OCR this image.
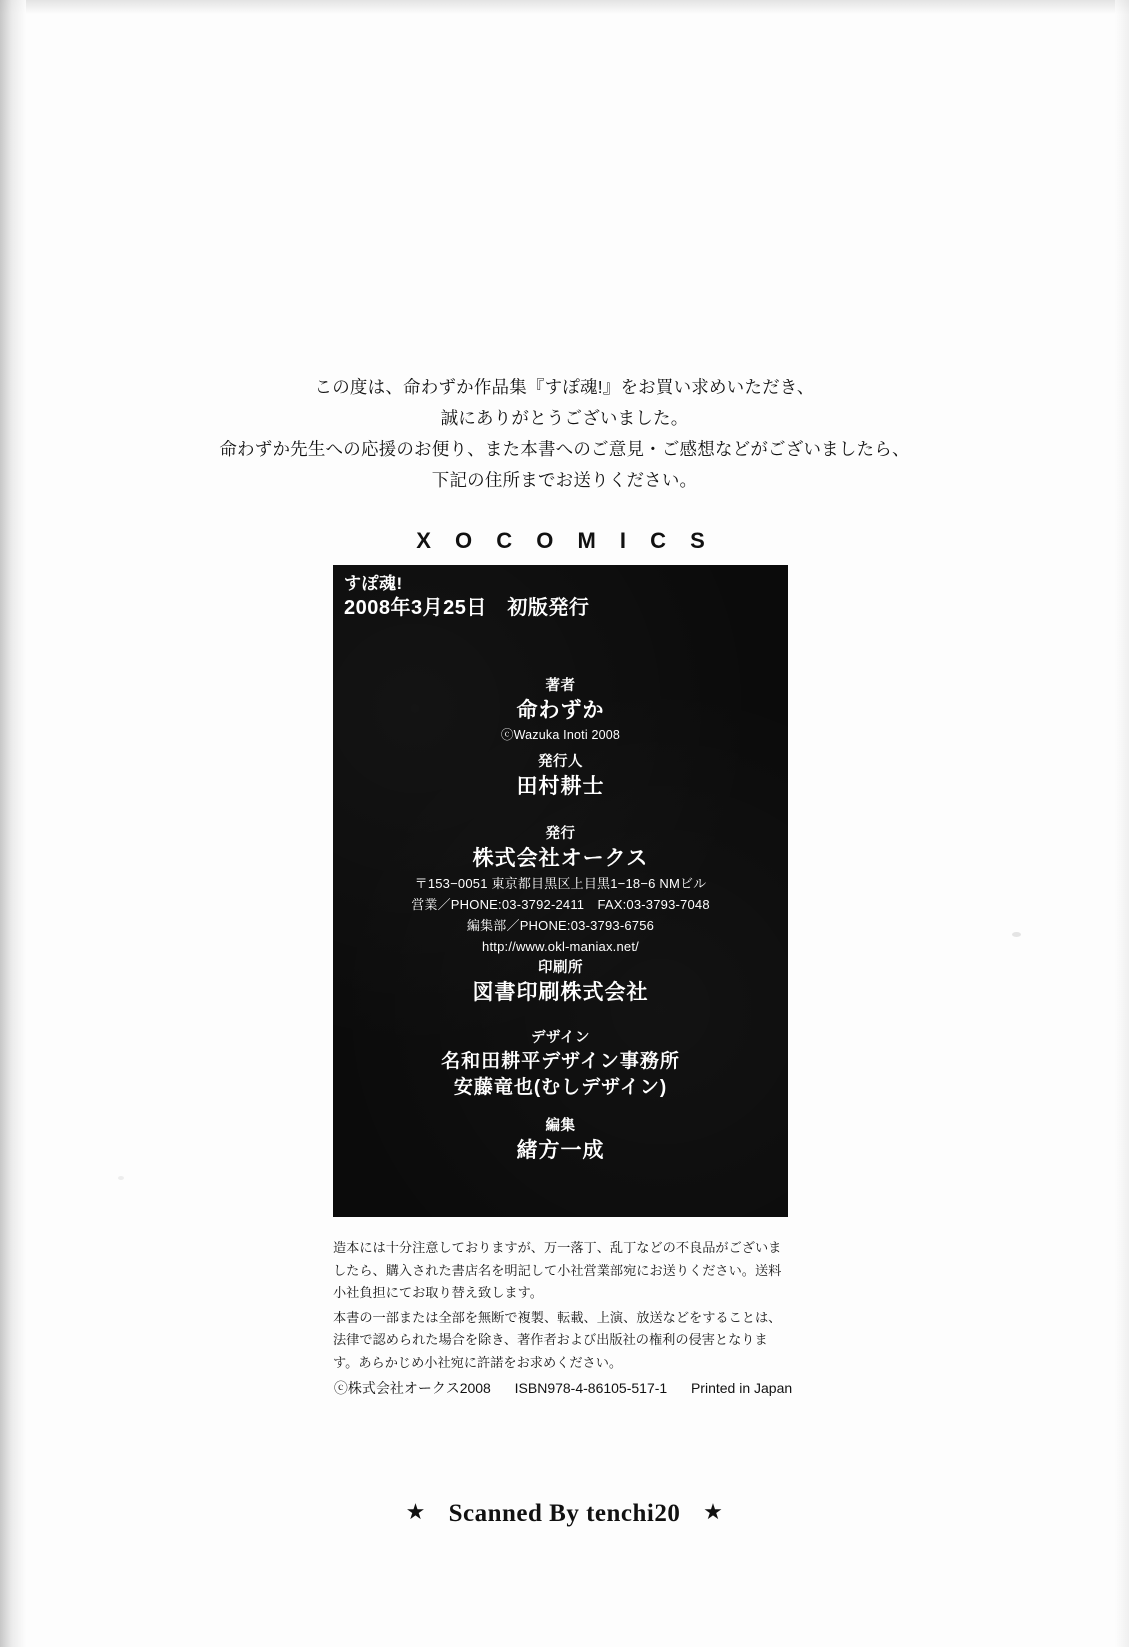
この度は、命わずか作品集『すぽ魂!』をお買い求めいただき、
誠にありがとうございました。
命わずか先生への応援のお便り、また本書へのご意見・ご感想などがございましたら、
下記の住所までお送りください。
X O C O M I C S
すぽ魂!
2008年3月25日　初版発行
著者
命わずか
ⓒWazuka Inoti 2008
発行人
田村耕士
発行
株式会社オークス
〒153−0051 東京都目黒区上目黒1−18−6 NMビル
営業／PHONE:03-3792-2411　FAX:03-3793-7048
編集部／PHONE:03-3793-6756
http://www.okl-maniax.net/
印刷所
図書印刷株式会社
デザイン
名和田耕平デザイン事務所
安藤竜也(むしデザイン)
編集
緒方一成

造本には十分注意しておりますが、万一落丁、乱丁などの不良品がございましたら、購入された書店名を明記して小社営業部宛にお送りください。送料小社負担にてお取り替え致します。

本書の一部または全部を無断で複製、転載、上演、放送などをすることは、法律で認められた場合を除き、著作者および出版社の権利の侵害となります。あらかじめ小社宛に許諾をお求めください。

ⓒ株式会社オークス2008 ISBN978-4-86105-517-1 Printed in Japan
★ Scanned By tenchi20 ★
